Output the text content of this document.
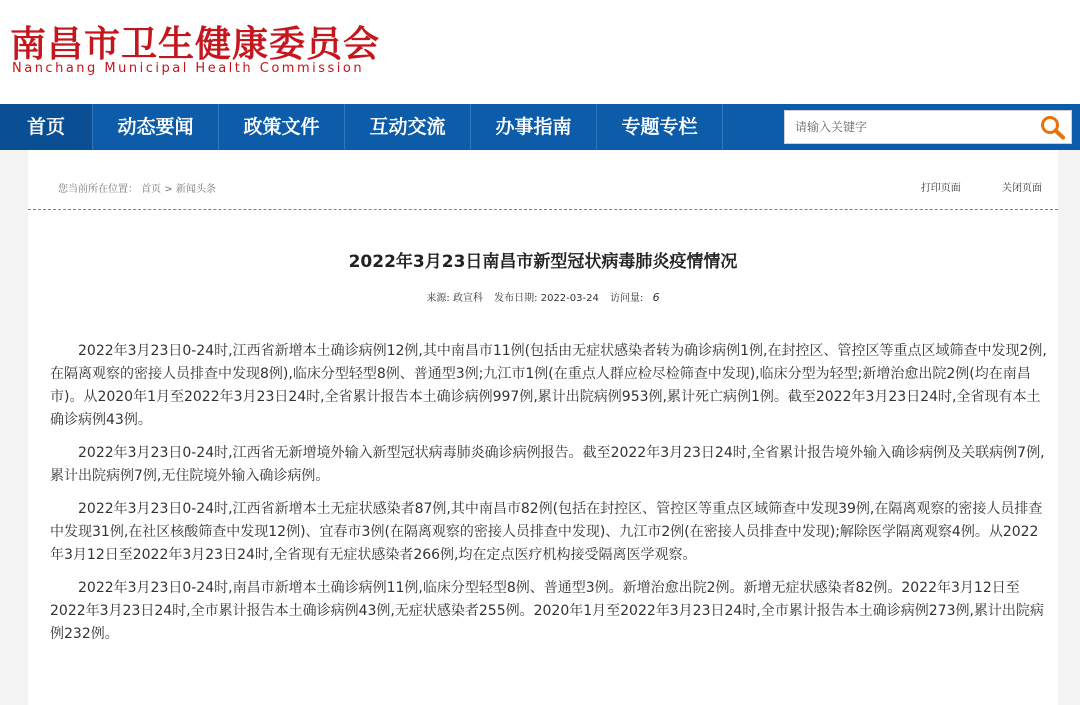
南昌市卫生健康委员会
Nanchang Municipal Health Commission
首页	动态要闻	政策文件	互动交流	办事指南	专题专栏
请输入关键字
您当前所在位置： 首页 > 新闻头条	打印页面	关闭页面
2022年3月23日南昌市新型冠状病毒肺炎疫情情况
来源: 政宣科 发布日期: 2022-03-24 访问量: 6

2022年3月23日0-24时,江西省新增本土确诊病例12例,其中南昌市11例(包括由无症状感染者转为确诊病例1例,在封控区、管控区等重点区域筛查中发现2例,在隔离观察的密接人员排查中发现8例),临床分型轻型8例、普通型3例;九江市1例(在重点人群应检尽检筛查中发现),临床分型为轻型;新增治愈出院2例(均在南昌市)。从2020年1月至2022年3月23日24时,全省累计报告本土确诊病例997例,累计出院病例953例,累计死亡病例1例。截至2022年3月23日24时,全省现有本土确诊病例43例。

2022年3月23日0-24时,江西省无新增境外输入新型冠状病毒肺炎确诊病例报告。截至2022年3月23日24时,全省累计报告境外输入确诊病例及关联病例7例,累计出院病例7例,无住院境外输入确诊病例。

2022年3月23日0-24时,江西省新增本土无症状感染者87例,其中南昌市82例(包括在封控区、管控区等重点区域筛查中发现39例,在隔离观察的密接人员排查中发现31例,在社区核酸筛查中发现12例)、宜春市3例(在隔离观察的密接人员排查中发现)、九江市2例(在密接人员排查中发现);解除医学隔离观察4例。从2022年3月12日至2022年3月23日24时,全省现有无症状感染者266例,均在定点医疗机构接受隔离医学观察。

2022年3月23日0-24时,南昌市新增本土确诊病例11例,临床分型轻型8例、普通型3例。新增治愈出院2例。新增无症状感染者82例。2022年3月12日至2022年3月23日24时,全市累计报告本土确诊病例43例,无症状感染者255例。2020年1月至2022年3月23日24时,全市累计报告本土确诊病例273例,累计出院病例232例。
